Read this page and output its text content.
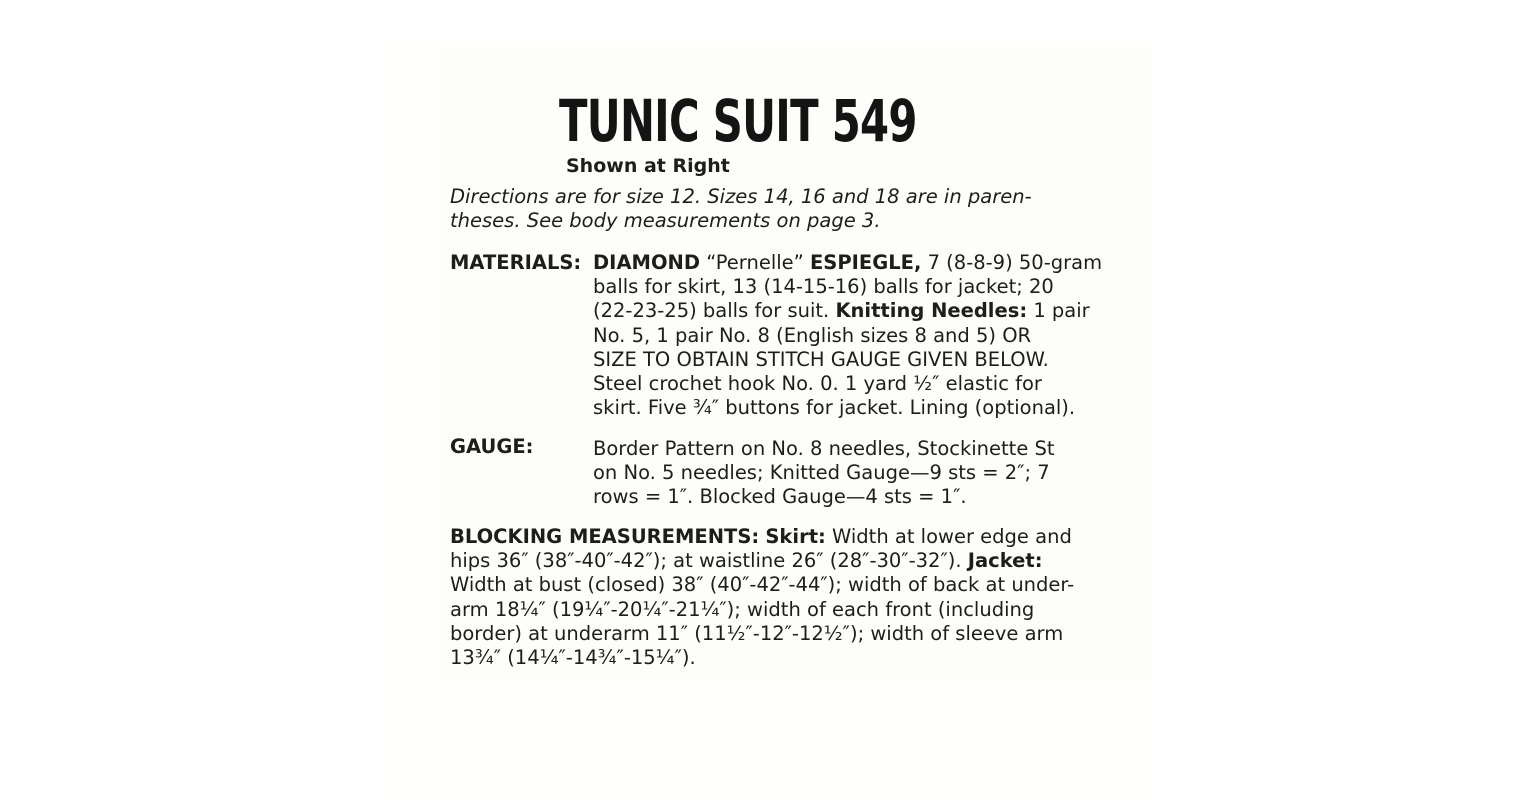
TUNIC SUIT 549
Shown at Right
Directions are for size 12. Sizes 14, 16 and 18 are in paren-
theses. See body measurements on page 3.
MATERIALS: DIAMOND “Pernelle” ESPIEGLE, 7 (8-8-9) 50-gram
balls for skirt, 13 (14-15-16) balls for jacket; 20
(22-23-25) balls for suit. Knitting Needles: 1 pair
No. 5, 1 pair No. 8 (English sizes 8 and 5) OR
SIZE TO OBTAIN STITCH GAUGE GIVEN BELOW.
Steel crochet hook No. 0. 1 yard ½″ elastic for
skirt. Five ¾″ buttons for jacket. Lining (optional).
GAUGE:	Border Pattern on No. 8 needles, Stockinette St
on No. 5 needles; Knitted Gauge—9 sts = 2″; 7
rows = 1″. Blocked Gauge—4 sts = 1″.
BLOCKING MEASUREMENTS: Skirt: Width at lower edge and
hips 36″ (38″-40″-42″); at waistline 26″ (28″-30″-32″). Jacket:
Width at bust (closed) 38″ (40″-42″-44″); width of back at under-
arm 18¼″ (19¼″-20¼″-21¼″); width of each front (including
border) at underarm 11″ (11½″-12″-12½″); width of sleeve arm
13¾″ (14¼″-14¾″-15¼″).
